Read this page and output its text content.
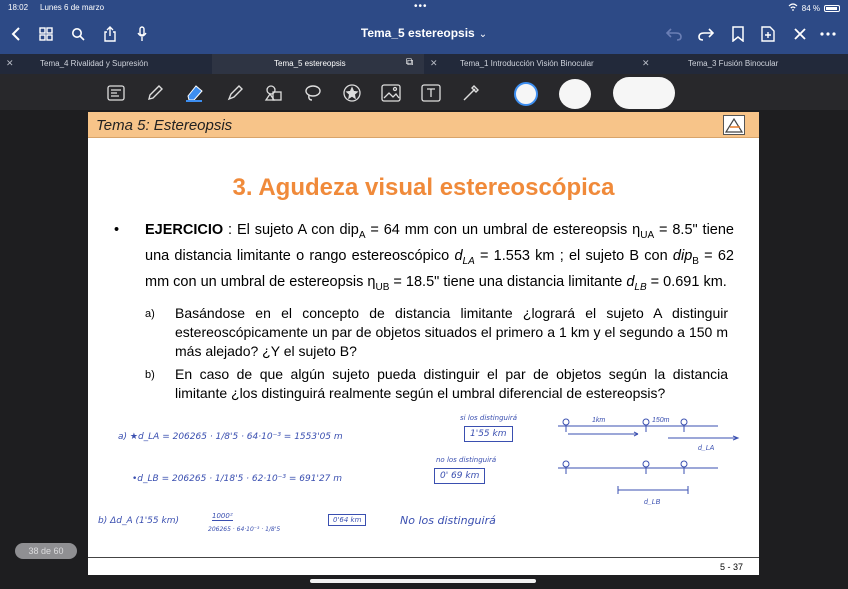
18:02 Lunes 6 de marzo	•••	84 %
Tema_5 estereopsis ⌄
✕	Tema_4 Rivalidad y Supresión	Tema_5 estereopsis	⧉ ✕	Tema_1 Introducción Visión Binocular	✕	Tema_3 Fusión Binocular
Tema 5: Estereopsis
3. Agudeza visual estereoscópica
• EJERCICIO : El sujeto A con dip$_A$ = 64 mm con un umbral de estereopsis $\eta_{UA} = 8.5$" tiene una distancia limitante o rango estereoscópico $d_{LA} = 1.553$ km ; el sujeto B con dip$_B$ = 62 mm con un umbral de estereopsis $\eta_{UB} = 18.5$" tiene una distancia limitante $d_{LB} = 0.691$ km.
a) Basándose en el concepto de distancia limitante ¿logrará el sujeto A distinguir estereoscópicamente un par de objetos situados el primero a 1 km y el segundo a 150 m más alejado? ¿Y el sujeto B?
b) En caso de que algún sujeto pueda distinguir el par de objetos según la distancia limitante ¿los distinguirá realmente según el umbral diferencial de estereopsis?
a) ★d_LA = 206265 · 1/8'5 · 64·10⁻³ = 1553'05 m	1'55 km
si los distinguirá
•d_LB = 206265 · 1/18'5 · 62·10⁻³ = 691'27 m	0' 69 km
no los distinguirá
b) Δd_A (1'55 km)	1000²
206265 · 64·10⁻³ · 1/8'5
0'64 km	No los distinguirá
1km	150m
d_LA
d_LB
5 - 37
38 de 60
